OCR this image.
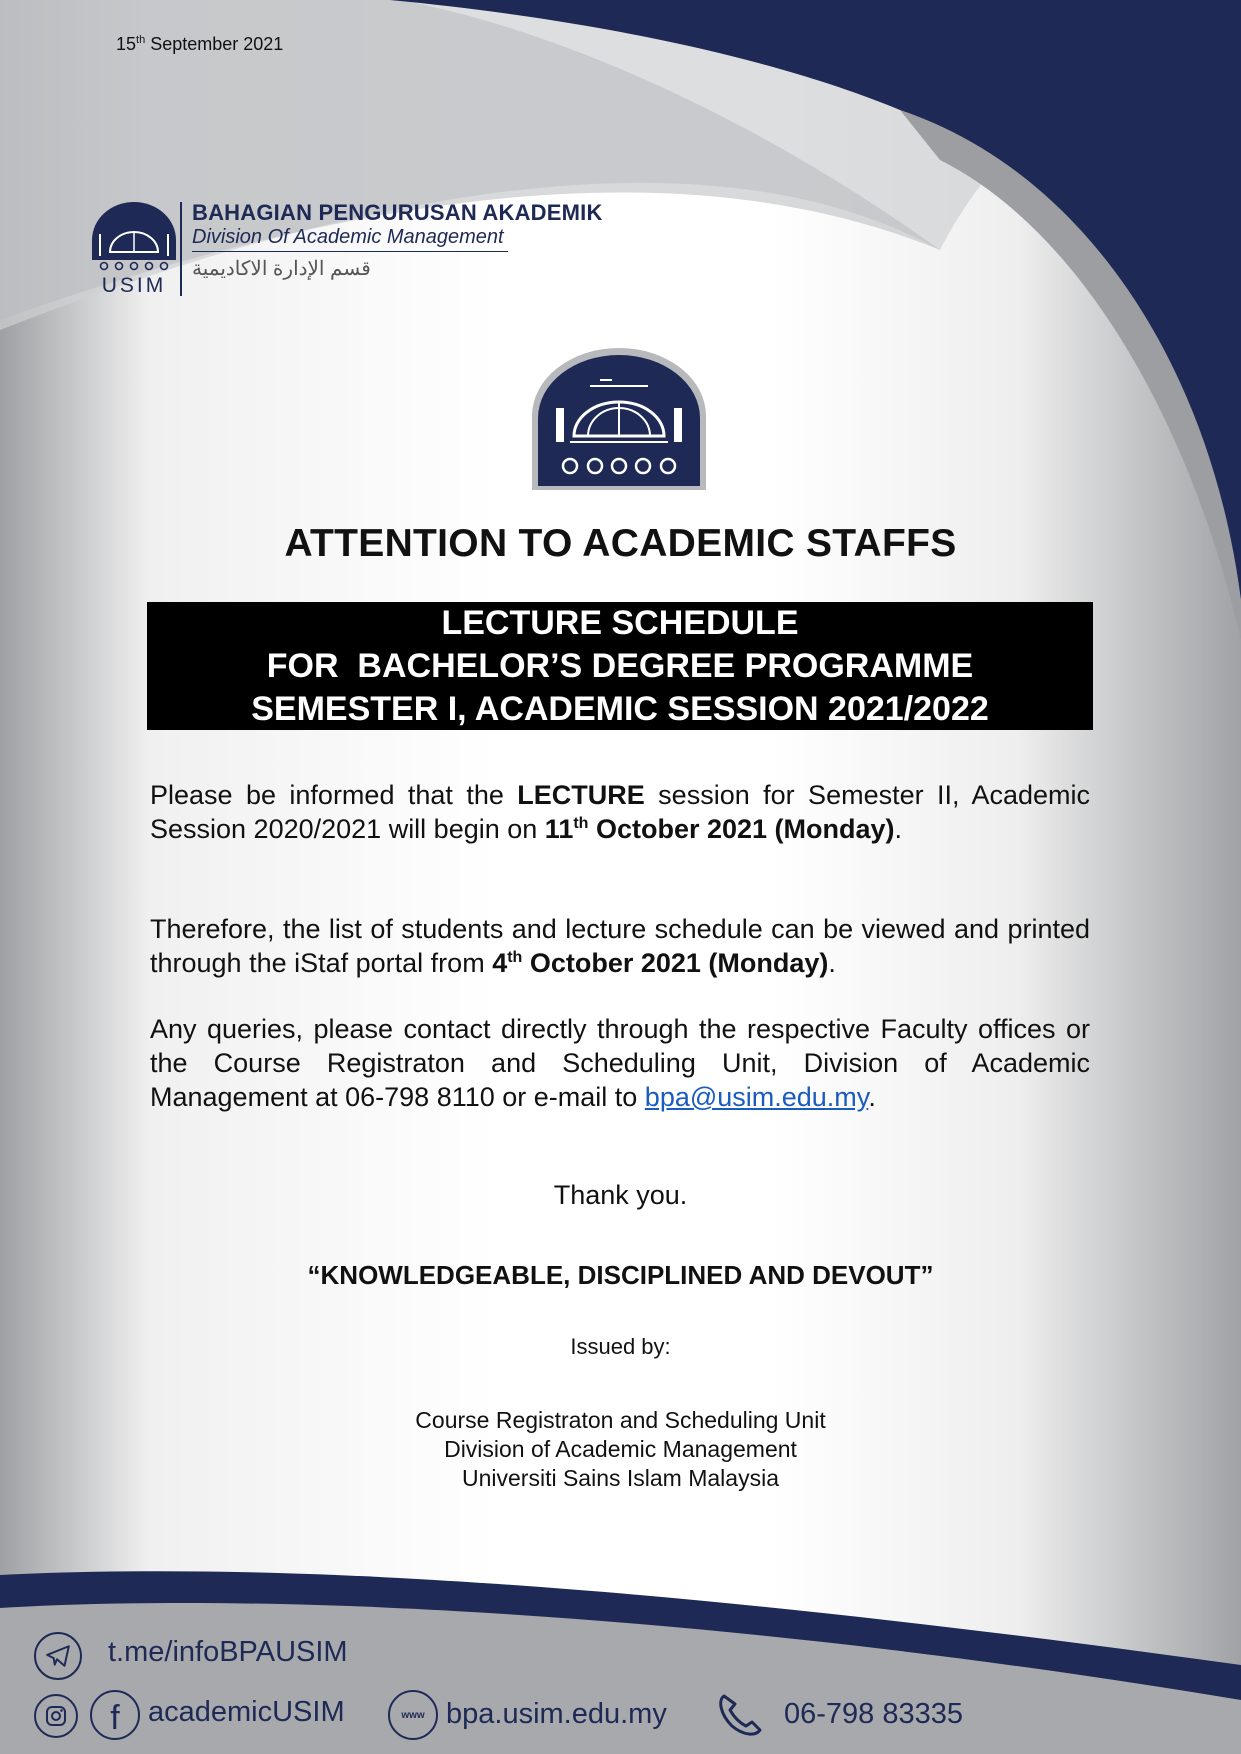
15th September 2021
USIM
BAHAGIAN PENGURUSAN AKADEMIK
Division Of Academic Management
قسم الإدارة الاكاديمية
ATTENTION TO ACADEMIC STAFFS
LECTURE SCHEDULE
FOR  BACHELOR’S DEGREE PROGRAMME
SEMESTER I, ACADEMIC SESSION 2021/2022
Please be informed that the LECTURE session for Semester II, Academic Session 2020/2021 will begin on 11th October 2021 (Monday).
Therefore, the list of students and lecture schedule can be viewed and printed through the iStaf portal from 4th October 2021 (Monday).
Any queries, please contact directly through the respective Faculty offices or the Course Registraton and Scheduling Unit, Division of Academic Management at 06-798 8110 or e-mail to bpa@usim.edu.my.
Thank you.
“KNOWLEDGEABLE, DISCIPLINED AND DEVOUT”
Issued by:
Course Registraton and Scheduling Unit
Division of Academic Management
Universiti Sains Islam Malaysia
t.me/infoBPAUSIM
f academicUSIM	www bpa.usim.edu.my	06-798 83335
